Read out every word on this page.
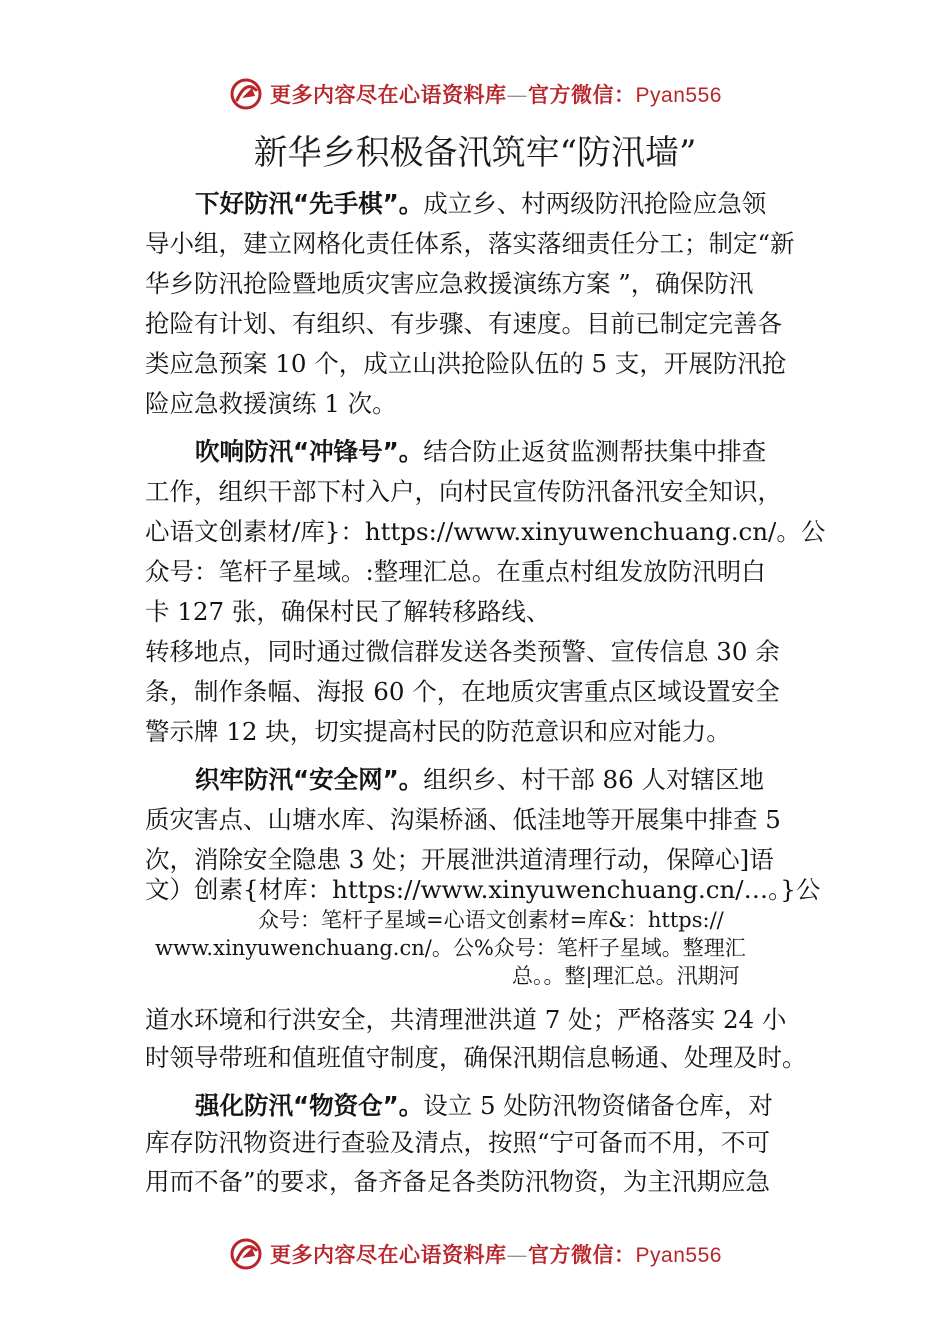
更多内容尽在心语资料库—官方微信：Pyan556
新华乡积极备汛筑牢“防汛墙”

下好防汛“先手棋”。成立乡、村两级防汛抢险应急领

导小组，建立网格化责任体系，落实落细责任分工；制定“新

华乡防汛抢险暨地质灾害应急救援演练方案 ”，确保防汛

抢险有计划、有组织、有步骤、有速度。目前已制定完善各

类应急预案 10 个，成立山洪抢险队伍的 5 支，开展防汛抢

险应急救援演练 1 次。

吹响防汛“冲锋号”。结合防止返贫监测帮扶集中排查

工作，组织干部下村入户，向村民宣传防汛备汛安全知识，

心语文创素材/库}：https://www.xinyuwenchuang.cn/。公

众号：笔杆子星域。:整理汇总。在重点村组发放防汛明白

卡 127 张，确保村民了解转移路线、

转移地点，同时通过微信群发送各类预警、宣传信息 30 余

条，制作条幅、海报 60 个，在地质灾害重点区域设置安全

警示牌 12 块，切实提高村民的防范意识和应对能力。

织牢防汛“安全网”。组织乡、村干部 86 人对辖区地

质灾害点、山塘水库、沟渠桥涵、低洼地等开展集中排查 5

次，消除安全隐患 3 处；开展泄洪道清理行动，保障心]语

文）创素{材库：https://www.xinyuwenchuang.cn/…。}公

众号：笔杆子星域=心语文创素材=库&：https://

www.xinyuwenchuang.cn/。公%众号：笔杆子星域。整理汇

总。。整|理汇总。汛期河

道水环境和行洪安全，共清理泄洪道 7 处；严格落实 24 小

时领导带班和值班值守制度，确保汛期信息畅通、处理及时。

强化防汛“物资仓”。设立 5 处防汛物资储备仓库，对

库存防汛物资进行查验及清点，按照“宁可备而不用，不可

用而不备”的要求，备齐备足各类防汛物资，为主汛期应急

更多内容尽在心语资料库—官方微信：Pyan556
